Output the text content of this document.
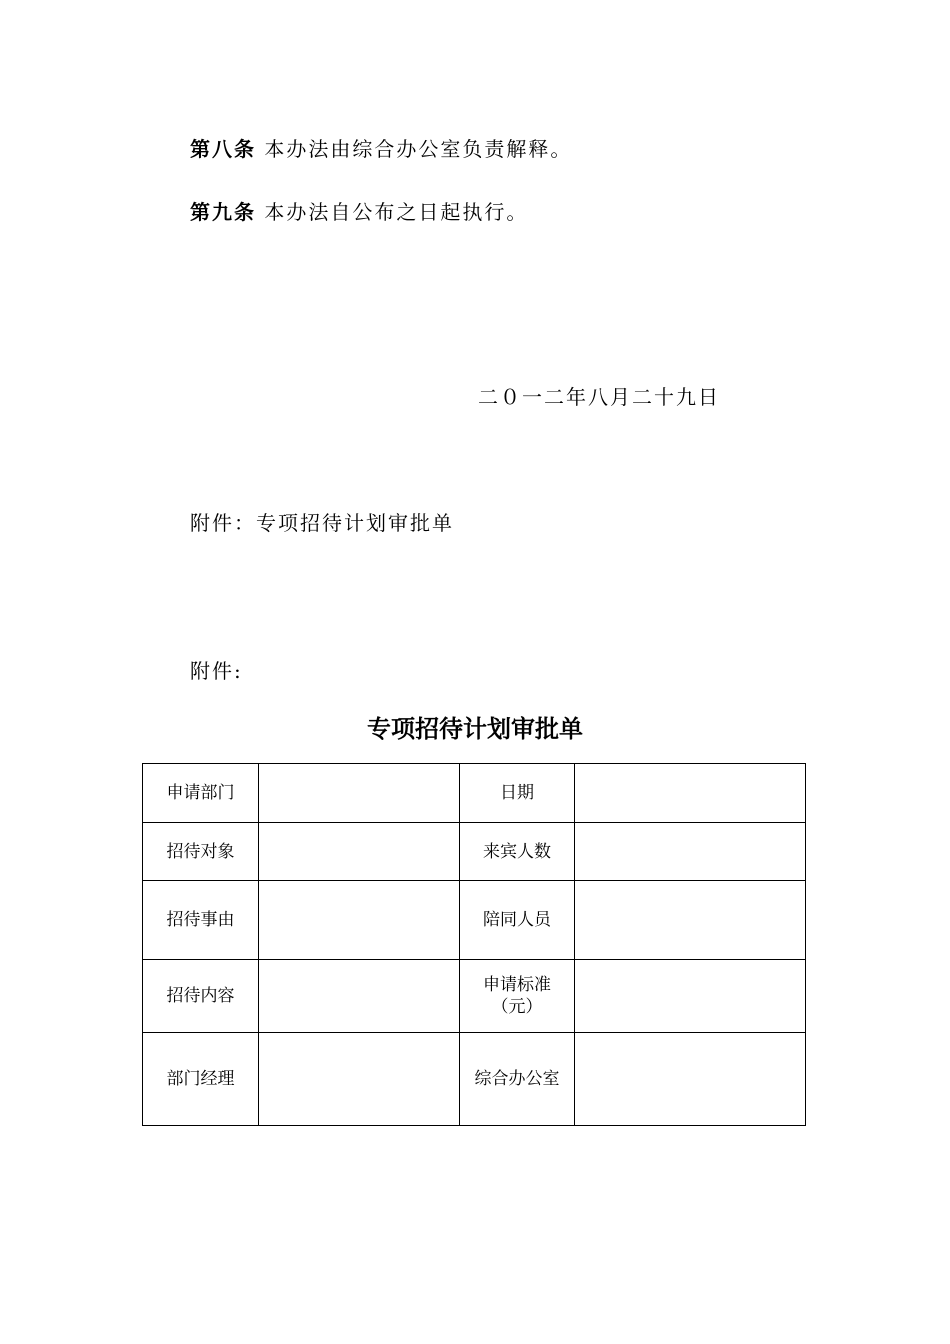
第八条 本办法由综合办公室负责解释。
第九条 本办法自公布之日起执行。
二０一二年八月二十九日
附件：专项招待计划审批单
附件:
专项招待计划审批单
申请部门		日期	
招待对象		来宾人数	
招待事由		陪同人员	
招待内容		申请标准
（元）	

部门经理		综合办公室	
